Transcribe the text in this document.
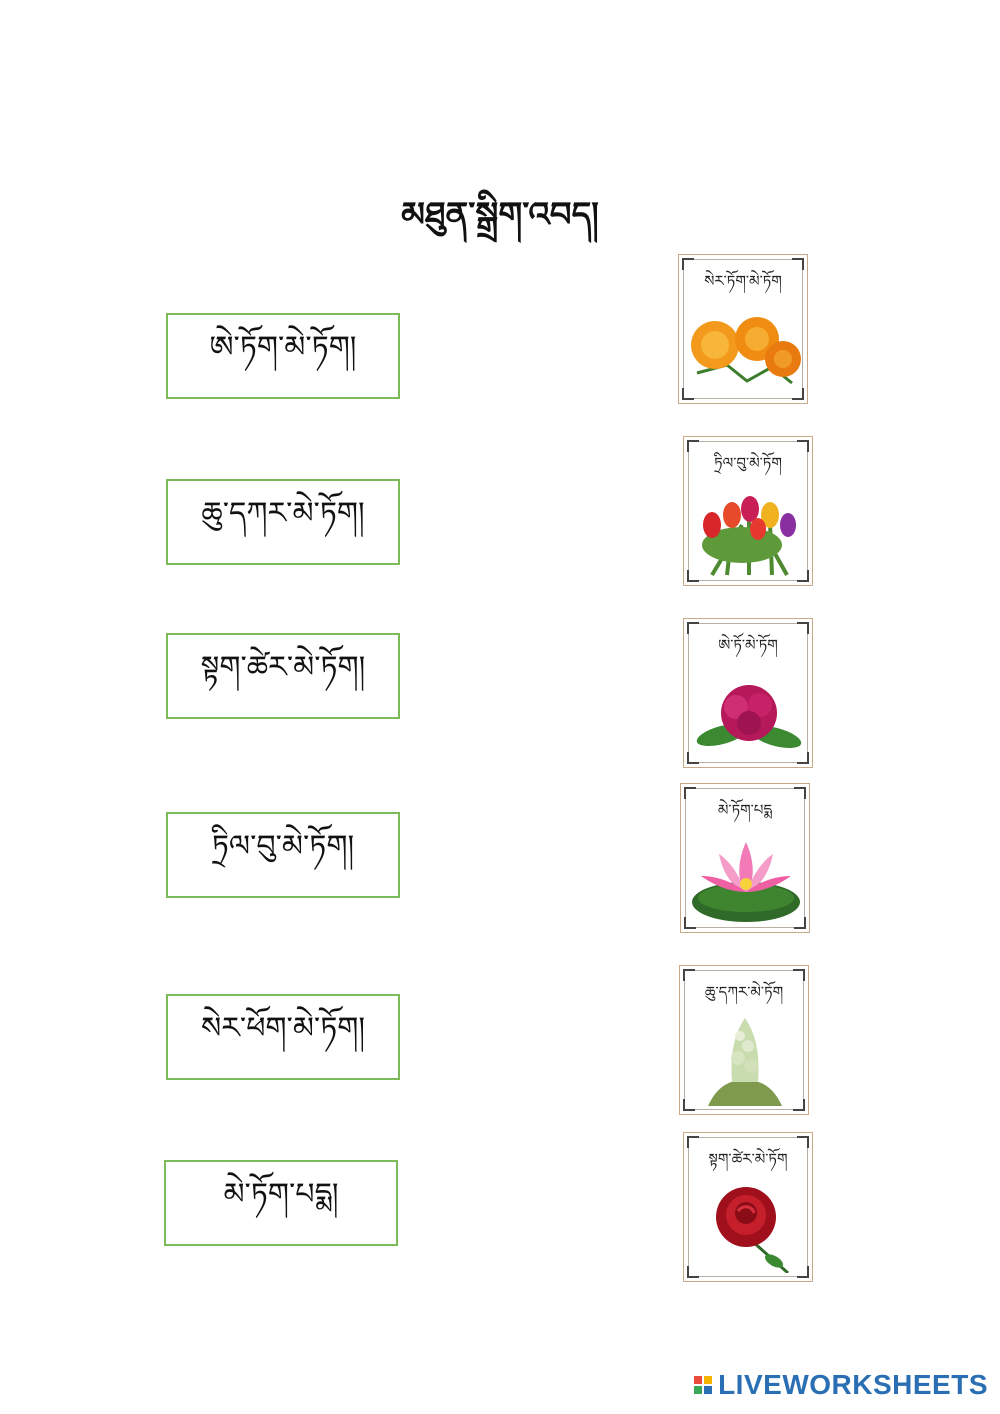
མཐུན་སྒྲིག་འབད།
ཨེ་ཏོག་མེ་ཏོག།
ཆུ་དཀར་མེ་ཏོག།
སྟག་ཚེར་མེ་ཏོག།
ཏྲིལ་བུ་མེ་ཏོག།
སེར་ཕོག་མེ་ཏོག།
མེ་ཏོག་པདྨ།
སེར་ཏོག་མེ་ཏོག
ཏྲིལ་བུ་མེ་ཏོག
ཨེ་ཏོ་མེ་ཏོག
མེ་ཏོག་པདྨ
ཆུ་དཀར་མེ་ཏོག
སྟག་ཚེར་མེ་ཏོག
LIVEWORKSHEETS
